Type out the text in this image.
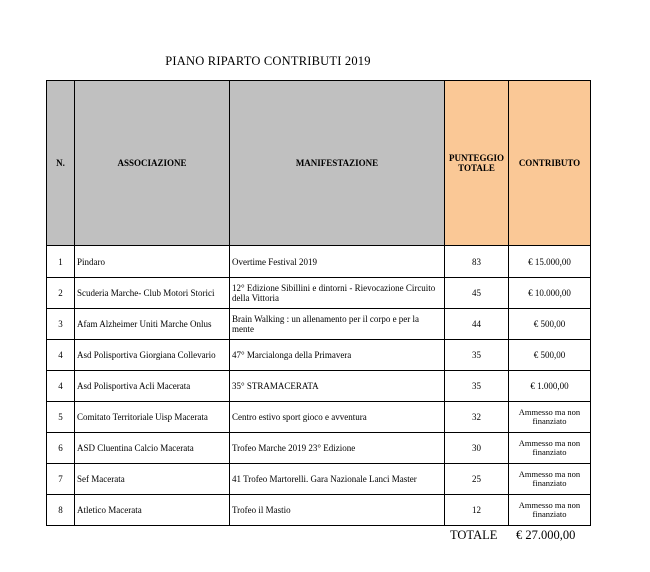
PIANO RIPARTO CONTRIBUTI 2019
N.	ASSOCIAZIONE	MANIFESTAZIONE	PUNTEGGIO TOTALE	CONTRIBUTO
1	Pindaro	Overtime Festival 2019	83	€ 15.000,00
2	Scuderia Marche- Club Motori Storici	12° Edizione Sibillini e dintorni - Rievocazione Circuito della Vittoria	45	€ 10.000,00
3	Afam Alzheimer Uniti Marche Onlus	Brain Walking : un allenamento per il corpo e per la mente	44	€ 500,00
4	Asd Polisportiva Giorgiana Collevario	47° Marcialonga della Primavera	35	€ 500,00
4	Asd Polisportiva Acli Macerata	35° STRAMACERATA	35	€ 1.000,00
5	Comitato Territoriale Uisp Macerata	Centro estivo sport gioco e avventura	32	Ammesso ma non finanziato
6	ASD Cluentina Calcio Macerata	Trofeo Marche 2019 23° Edizione	30	Ammesso ma non finanziato
7	Sef Macerata	41 Trofeo Martorelli. Gara Nazionale Lanci Master	25	Ammesso ma non finanziato
8	Atletico Macerata	Trofeo il Mastio	12	Ammesso ma non finanziato
TOTALE € 27.000,00
